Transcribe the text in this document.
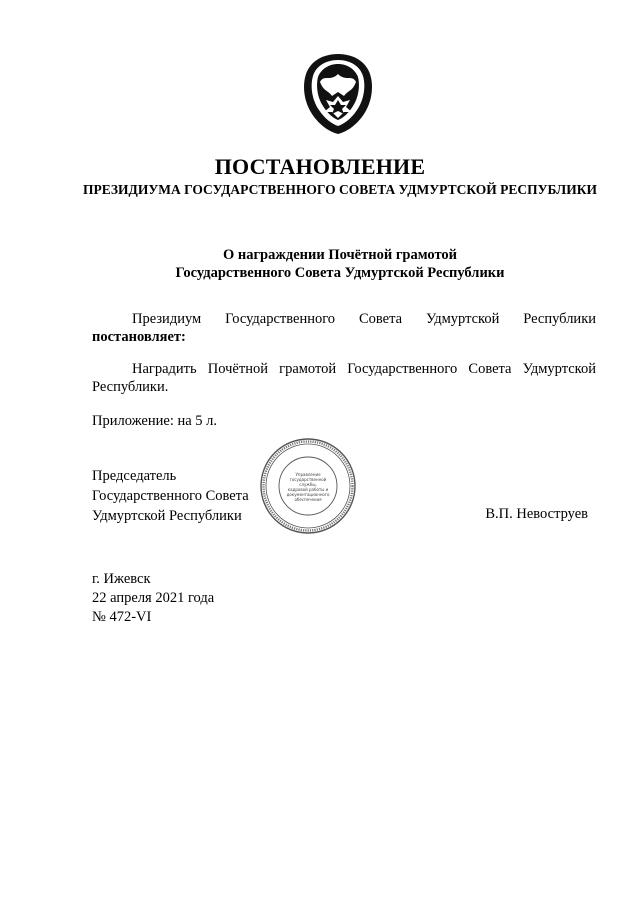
ПОСТАНОВЛЕНИЕ
ПРЕЗИДИУМА ГОСУДАРСТВЕННОГО СОВЕТА УДМУРТСКОЙ РЕСПУБЛИКИ
О награждении Почётной грамотой
Государственного Совета Удмуртской Республики
Президиум Государственного Совета Удмуртской Республики
постановляет:
Наградить Почётной грамотой Государственного Совета Удмуртской
Республики.
Приложение: на 5 л.
Председатель
Государственного Совета
Удмуртской Республики
Управление
государственной
службы,
кадровой работы и
документационного
обеспечения
В.П. Невоструев
г. Ижевск
22 апреля 2021 года
№ 472-VI
